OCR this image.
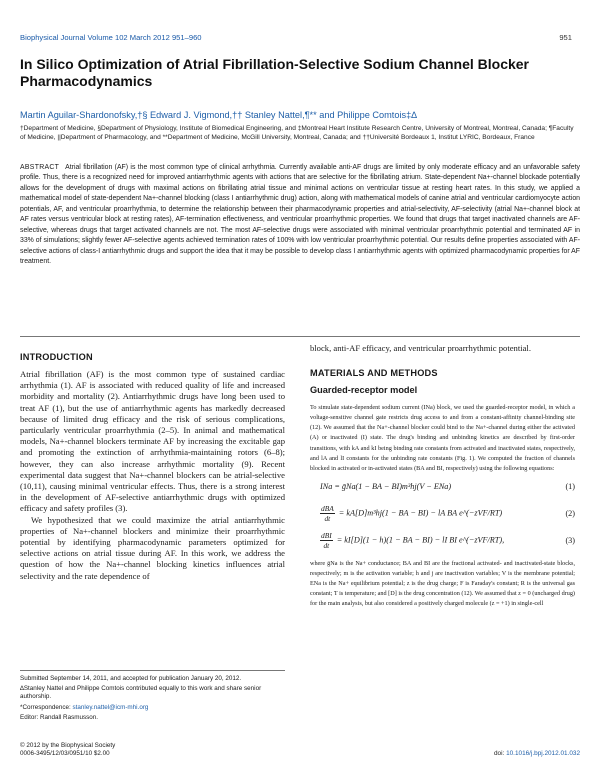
Biophysical Journal Volume 102 March 2012 951–960	951
In Silico Optimization of Atrial Fibrillation-Selective Sodium Channel Blocker Pharmacodynamics
Martin Aguilar-Shardonofsky,†§ Edward J. Vigmond,†† Stanley Nattel,¶** and Philippe Comtois‡∆
†Department of Medicine, §Department of Physiology, Institute of Biomedical Engineering, and ‡Montreal Heart Institute Research Centre, University of Montreal, Montreal, Canada; ¶Faculty of Medicine, ||Department of Pharmacology, and **Department of Medicine, McGill University, Montreal, Canada; and ††Université Bordeaux 1, Institut LYRIC, Bordeaux, France
ABSTRACT Atrial fibrillation (AF) is the most common type of clinical arrhythmia. Currently available anti-AF drugs are limited by only moderate efficacy and an unfavorable safety profile. Thus, there is a recognized need for improved antiarrhythmic agents with actions that are selective for the fibrillating atrium. State-dependent Na+-channel blockade potentially allows for the development of drugs with maximal actions on fibrillating atrial tissue and minimal actions on ventricular tissue at resting heart rates. In this study, we applied a mathematical model of state-dependent Na+-channel blocking (class I antiarrhythmic drug) action, along with mathematical models of canine atrial and ventricular cardiomyocyte action potentials, AF, and ventricular proarrhythmia, to determine the relationship between their pharmacodynamic properties and atrial-selectivity, AF-selectivity (atrial Na+-channel block at AF rates versus ventricular block at resting rates), AF-termination effectiveness, and ventricular proarrhythmic properties. We found that drugs that target inactivated channels are AF-selective, whereas drugs that target activated channels are not. The most AF-selective drugs were associated with minimal ventricular proarrhythmic potential and terminated AF in 33% of simulations; slightly fewer AF-selective agents achieved termination rates of 100% with low ventricular proarrhythmic potential. Our results define properties associated with AF-selective actions of class-I antiarrhythmic drugs and support the idea that it may be possible to develop class I antiarrhythmic agents with optimized pharmacodynamic properties for AF treatment.
INTRODUCTION

Atrial fibrillation (AF) is the most common type of sustained cardiac arrhythmia (1). AF is associated with reduced quality of life and increased morbidity and mortality (2). Antiarrhythmic drugs have long been used to treat AF (1), but the use of antiarrhythmic agents has markedly decreased because of limited drug efficacy and the risk of serious complications, particularly ventricular proarrhythmia (2–5). In animal and mathematical models, Na+-channel blockers terminate AF by increasing the excitable gap and promoting the extinction of arrhythmia-maintaining rotors (6–8); however, they can also increase arrhythmic mortality (9). Recent experimental data suggest that Na+-channel blockers can be atrial-selective (10,11), causing minimal ventricular effects. Thus, there is a strong interest in the development of AF-selective antiarrhythmic drugs with optimized efficacy and safety profiles (3).

We hypothesized that we could maximize the atrial antiarrhythmic properties of Na+-channel blockers and minimize their proarrhythmic potential by identifying pharmacodynamic parameters optimized for selective actions on atrial tissue during AF. In this work, we address the question of how the Na+-channel blocking kinetics influences atrial selectivity and the rate dependence of

block, anti-AF efficacy, and ventricular proarrhythmic potential.

MATERIALS AND METHODS
Guarded-receptor model

To simulate state-dependent sodium current (INa) block, we used the guarded-receptor model, in which a voltage-sensitive channel gate restricts drug access to and from a constant-affinity channel-binding site (12). We assumed that the Na+-channel blocker could bind to the Na+-channel during either the activated (A) or inactivated (I) state. The drug's binding and unbinding kinetics are described by first-order transitions, with kA and kI being binding rate constants from activated and inactivated states, respectively, and lA and lI constants for the unbinding rate constants (Fig. 1). We computed the fraction of channels blocked in activated or in-activated states (BA and BI, respectively) using the following equations:

INa = ḡNa(1 − BA − BI)m³hj(V − ENa)	(1)
$\frac{\text{dBA}}{dt} = kA[D]m^3hj(1$ − BA − BI) − lA BA e^(−zVF/RT)	(2)
$\frac{\text{dBI}}{dt} = kI[D](1 - h)(1$ − BA − BI) − lI BI e^(−zVF/RT),	(3)

where ḡNa is the Na+ conductance; BA and BI are the fractional activated- and inactivated-state blocks, respectively; m is the activation variable; h and j are inactivation variables; V is the membrane potential; ENa is the Na+ equilibrium potential; z is the drug charge; F is Faraday's constant; R is the universal gas constant; T is temperature; and [D] is the drug concentration (12). We assumed that z = 0 (uncharged drug) for the main analysis, but also considered a positively charged molecule (z = +1) in single-cell

Submitted September 14, 2011, and accepted for publication January 20, 2012.

∆Stanley Nattel and Philippe Comtois contributed equally to this work and share senior authorship.

*Correspondence: stanley.nattel@icm-mhi.org

Editor: Randall Rasmusson.

© 2012 by the Biophysical Society
0006-3495/12/03/0951/10 $2.00	doi: 10.1016/j.bpj.2012.01.032
